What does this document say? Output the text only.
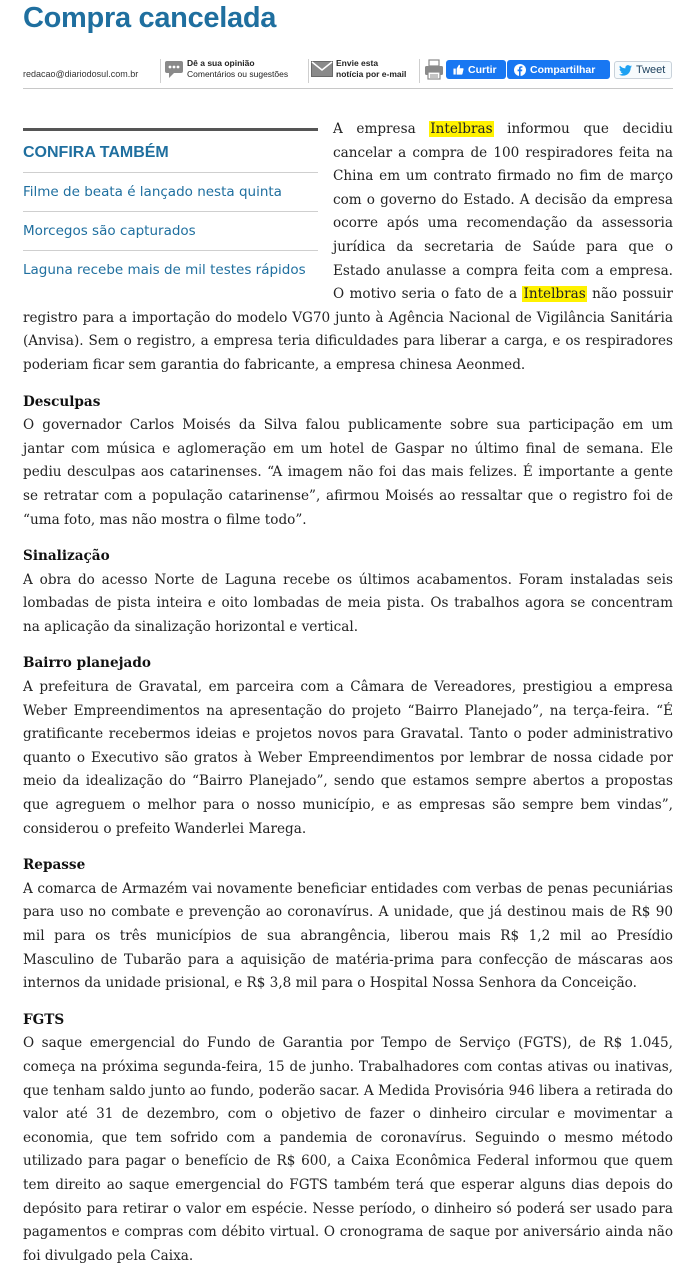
Compra cancelada
redacao@diariodosul.com.br
Dê a sua opinião
Comentários ou sugestões
Envie esta
notícia por e-mail	Curtir	Compartilhar	Tweet

A empresa Intelbras informou que decidiu cancelar a compra de 100 respiradores feita na China em um contrato firmado no fim de março com o governo do Estado. A decisão da empresa ocorre após uma recomendação da assessoria jurídica da secretaria de Saúde para que o Estado anulasse a compra feita com a empresa. O motivo seria o fato de a Intelbras não possuir registro para a importação do modelo VG70 junto à Agência Nacional de Vigilância Sanitária (Anvisa). Sem o registro, a empresa teria dificuldades para liberar a carga, e os respiradores poderiam ficar sem garantia do fabricante, a empresa chinesa Aeonmed.

Desculpas

O governador Carlos Moisés da Silva falou publicamente sobre sua participação em um jantar com música e aglomeração em um hotel de Gaspar no último final de semana. Ele pediu desculpas aos catarinenses. “A imagem não foi das mais felizes. É importante a gente se retratar com a população catarinense”, afirmou Moisés ao ressaltar que o registro foi de “uma foto, mas não mostra o filme todo”.

Sinalização

A obra do acesso Norte de Laguna recebe os últimos acabamentos. Foram instaladas seis lombadas de pista inteira e oito lombadas de meia pista. Os trabalhos agora se concentram na aplicação da sinalização horizontal e vertical.

Bairro planejado

A prefeitura de Gravatal, em parceira com a Câmara de Vereadores, prestigiou a empresa Weber Empreendimentos na apresentação do projeto “Bairro Planejado”, na terça-feira. “É gratificante recebermos ideias e projetos novos para Gravatal. Tanto o poder administrativo quanto o Executivo são gratos à Weber Empreendimentos por lembrar de nossa cidade por meio da idealização do “Bairro Planejado”, sendo que estamos sempre abertos a propostas que agreguem o melhor para o nosso município, e as empresas são sempre bem vindas”, considerou o prefeito Wanderlei Marega.

Repasse

A comarca de Armazém vai novamente beneficiar entidades com verbas de penas pecuniárias para uso no combate e prevenção ao coronavírus. A unidade, que já destinou mais de R$ 90 mil para os três municípios de sua abrangência, liberou mais R$ 1,2 mil ao Presídio Masculino de Tubarão para a aquisição de matéria-prima para confecção de máscaras aos internos da unidade prisional, e R$ 3,8 mil para o Hospital Nossa Senhora da Conceição.

FGTS

O saque emergencial do Fundo de Garantia por Tempo de Serviço (FGTS), de R$ 1.045, começa na próxima segunda-feira, 15 de junho. Trabalhadores com contas ativas ou inativas, que tenham saldo junto ao fundo, poderão sacar. A Medida Provisória 946 libera a retirada do valor até 31 de dezembro, com o objetivo de fazer o dinheiro circular e movimentar a economia, que tem sofrido com a pandemia de coronavírus. Seguindo o mesmo método utilizado para pagar o benefício de R$ 600, a Caixa Econômica Federal informou que quem tem direito ao saque emergencial do FGTS também terá que esperar alguns dias depois do depósito para retirar o valor em espécie. Nesse período, o dinheiro só poderá ser usado para pagamentos e compras com débito virtual. O cronograma de saque por aniversário ainda não foi divulgado pela Caixa.

CONFIRA TAMBÉM
Filme de beata é lançado nesta quinta
Morcegos são capturados
Laguna recebe mais de mil testes rápidos
